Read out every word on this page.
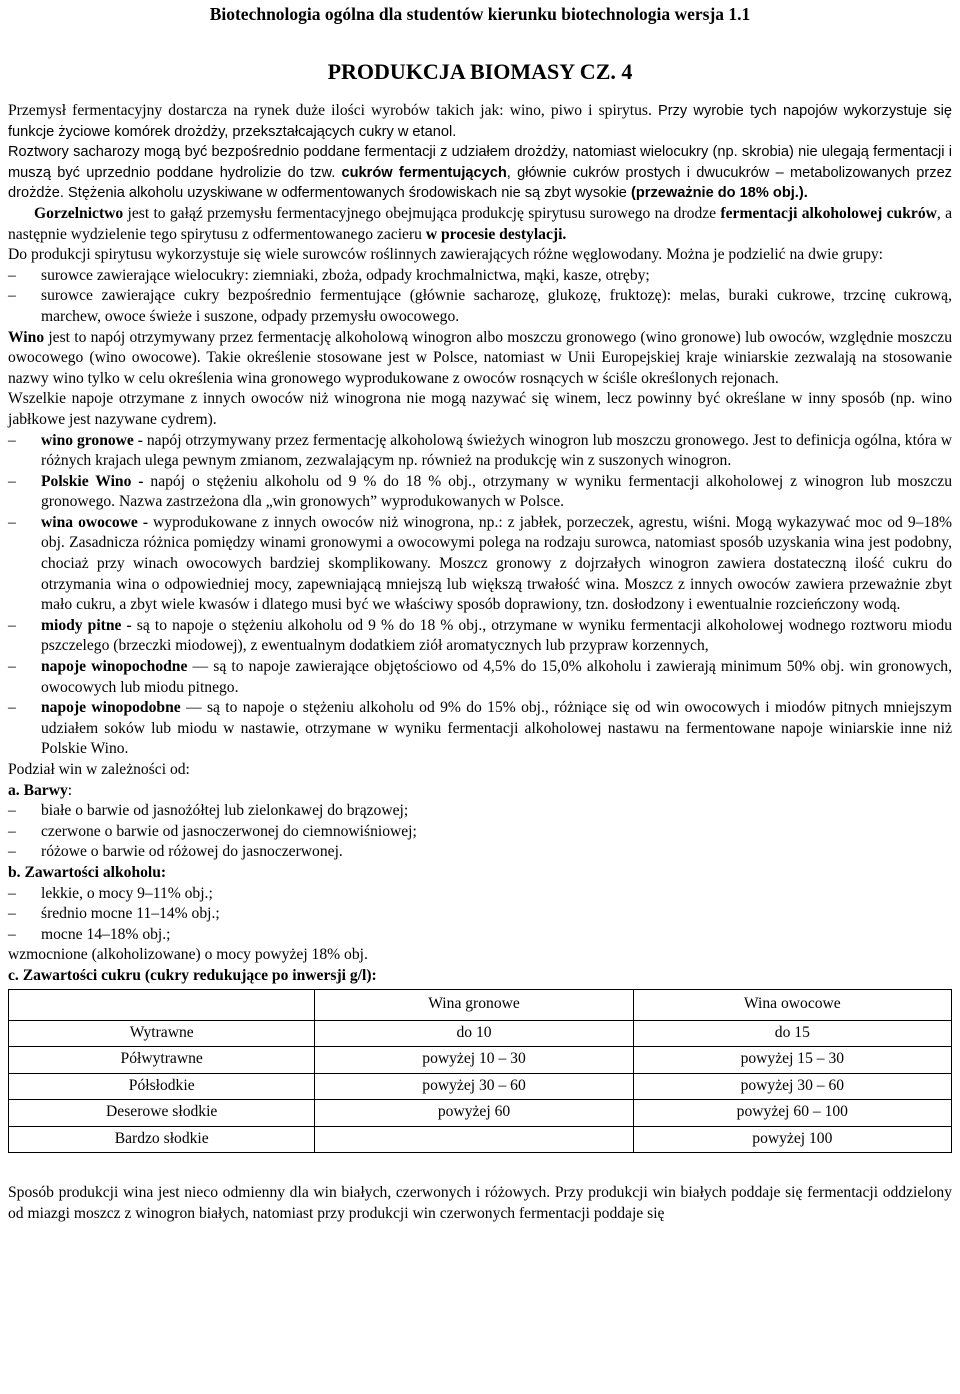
Biotechnologia ogólna dla studentów kierunku biotechnologia wersja 1.1
PRODUKCJA BIOMASY CZ. 4

Przemysł fermentacyjny dostarcza na rynek duże ilości wyrobów takich jak: wino, piwo i spirytus. Przy wyrobie tych napojów wykorzystuje się funkcje życiowe komórek drożdży, przekształcających cukry w etanol.

Roztwory sacharozy mogą być bezpośrednio poddane fermentacji z udziałem drożdży, natomiast wielocukry (np. skrobia) nie ulegają fermentacji i muszą być uprzednio poddane hydrolizie do tzw. cukrów fermentujących, głównie cukrów prostych i dwucukrów – metabolizowanych przez drożdże. Stężenia alkoholu uzyskiwane w odfermentowanych środowiskach nie są zbyt wysokie (przeważnie do 18% obj.).

Gorzelnictwo jest to gałąź przemysłu fermentacyjnego obejmująca produkcję spirytusu surowego na drodze fermentacji alkoholowej cukrów, a następnie wydzielenie tego spirytusu z odfermentowanego zacieru w procesie destylacji.

Do produkcji spirytusu wykorzystuje się wiele surowców roślinnych zawierających różne węglowodany. Można je podzielić na dwie grupy:

– surowce zawierające wielocukry: ziemniaki, zboża, odpady krochmalnictwa, mąki, kasze, otręby;
– surowce zawierające cukry bezpośrednio fermentujące (głównie sacharozę, glukozę, fruktozę): melas, buraki cukrowe, trzcinę cukrową, marchew, owoce świeże i suszone, odpady przemysłu owocowego.

Wino jest to napój otrzymywany przez fermentację alkoholową winogron albo moszczu gronowego (wino gronowe) lub owoców, względnie moszczu owocowego (wino owocowe). Takie określenie stosowane jest w Polsce, natomiast w Unii Europejskiej kraje winiarskie zezwalają na stosowanie nazwy wino tylko w celu określenia wina gronowego wyprodukowane z owoców rosnących w ściśle określonych rejonach.

Wszelkie napoje otrzymane z innych owoców niż winogrona nie mogą nazywać się winem, lecz powinny być określane w inny sposób (np. wino jabłkowe jest nazywane cydrem).

– wino gronowe - napój otrzymywany przez fermentację alkoholową świeżych winogron lub moszczu gronowego. Jest to definicja ogólna, która w różnych krajach ulega pewnym zmianom, zezwalającym np. również na produkcję win z suszonych winogron.
– Polskie Wino - napój o stężeniu alkoholu od 9 % do 18 % obj., otrzymany w wyniku fermentacji alkoholowej z winogron lub moszczu gronowego. Nazwa zastrzeżona dla „win gronowych” wyprodukowanych w Polsce.
– wina owocowe - wyprodukowane z innych owoców niż winogrona, np.: z jabłek, porzeczek, agrestu, wiśni. Mogą wykazywać moc od 9–18% obj. Zasadnicza różnica pomiędzy winami gronowymi a owocowymi polega na rodzaju surowca, natomiast sposób uzyskania wina jest podobny, chociaż przy winach owocowych bardziej skomplikowany. Moszcz gronowy z dojrzałych winogron zawiera dostateczną ilość cukru do otrzymania wina o odpowiedniej mocy, zapewniającą mniejszą lub większą trwałość wina. Moszcz z innych owoców zawiera przeważnie zbyt mało cukru, a zbyt wiele kwasów i dlatego musi być we właściwy sposób doprawiony, tzn. dosłodzony i ewentualnie rozcieńczony wodą.
– miody pitne - są to napoje o stężeniu alkoholu od 9 % do 18 % obj., otrzymane w wyniku fermentacji alkoholowej wodnego roztworu miodu pszczelego (brzeczki miodowej), z ewentualnym dodatkiem ziół aromatycznych lub przypraw korzennych,
– napoje winopochodne — są to napoje zawierające objętościowo od 4,5% do 15,0% alkoholu i zawierają minimum 50% obj. win gronowych, owocowych lub miodu pitnego.
– napoje winopodobne — są to napoje o stężeniu alkoholu od 9% do 15% obj., różniące się od win owocowych i miodów pitnych mniejszym udziałem soków lub miodu w nastawie, otrzymane w wyniku fermentacji alkoholowej nastawu na fermentowane napoje winiarskie inne niż Polskie Wino.

Podział win w zależności od:

a. Barwy:

– białe o barwie od jasnożółtej lub zielonkawej do brązowej;
– czerwone o barwie od jasnoczerwonej do ciemnowiśniowej;
– różowe o barwie od różowej do jasnoczerwonej.

b. Zawartości alkoholu:

– lekkie, o mocy 9–11% obj.;
– średnio mocne 11–14% obj.;
– mocne 14–18% obj.;

wzmocnione (alkoholizowane) o mocy powyżej 18% obj.

c. Zawartości cukru (cukry redukujące po inwersji g/l):

	Wina gronowe	Wina owocowe
Wytrawne	do 10	do 15
Półwytrawne	powyżej 10 – 30	powyżej 15 – 30
Półsłodkie	powyżej 30 – 60	powyżej 30 – 60
Deserowe słodkie	powyżej 60	powyżej 60 – 100
Bardzo słodkie		powyżej 100

Sposób produkcji wina jest nieco odmienny dla win białych, czerwonych i różowych. Przy produkcji win białych poddaje się fermentacji oddzielony od miazgi moszcz z winogron białych, natomiast przy produkcji win czerwonych fermentacji poddaje się
